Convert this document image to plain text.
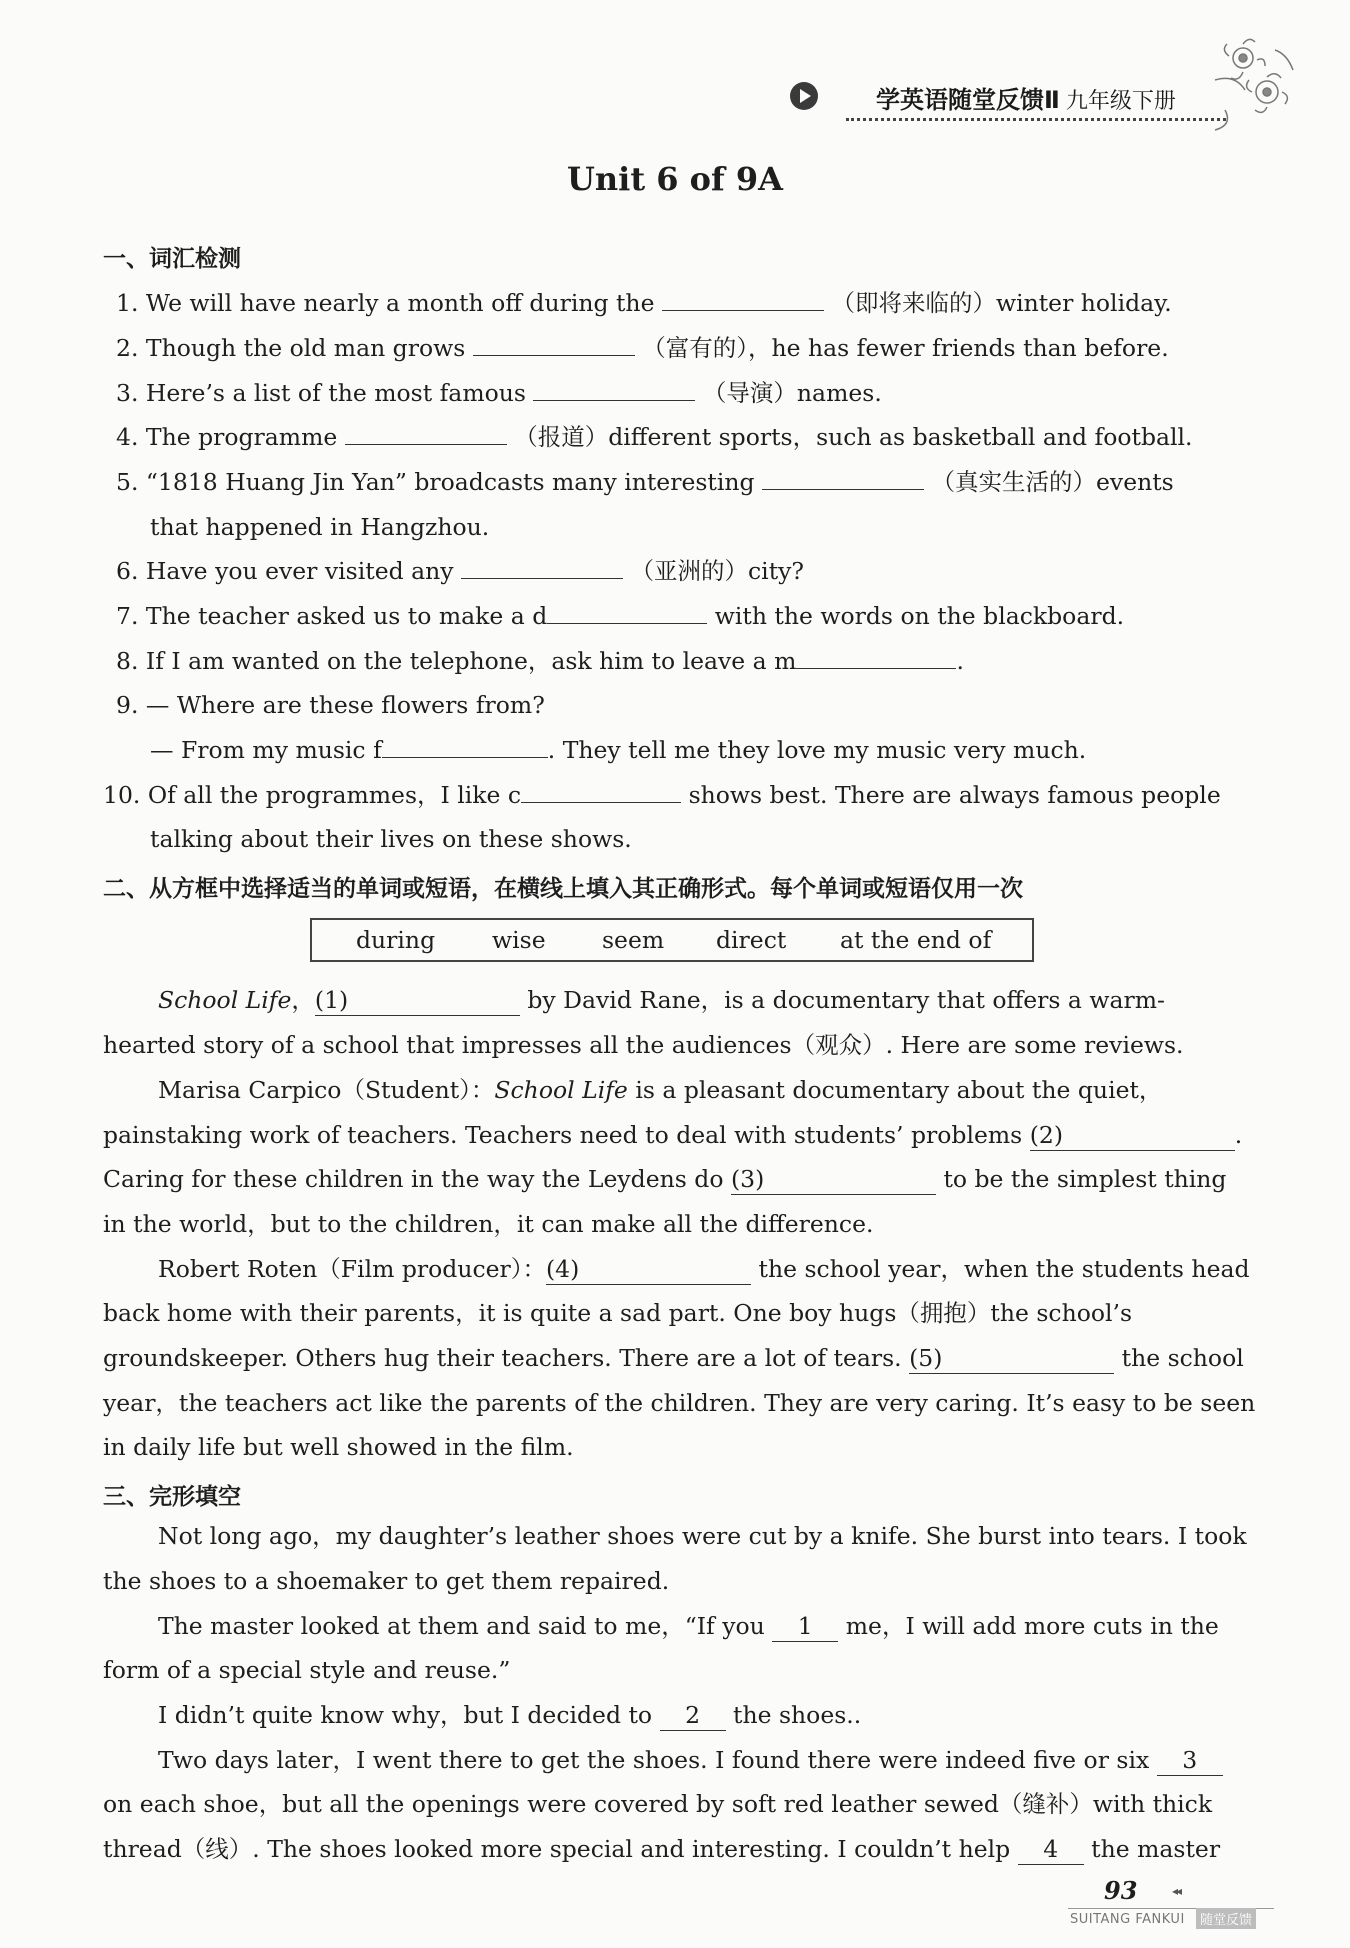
学英语随堂反馈Ⅱ 九年级下册
Unit 6 of 9A
一、词汇检测
1. We will have nearly a month off during the	（即将来临的）winter holiday.
2. Though the old man grows	（富有的），he has fewer friends than before.
3. Here’s a list of the most famous	（导演）names.
4. The programme	（报道）different sports，such as basketball and football.
5. “1818 Huang Jin Yan” broadcasts many interesting	（真实生活的）events
that happened in Hangzhou.
6. Have you ever visited any	（亚洲的）city?
7. The teacher asked us to make a d	with the words on the blackboard.
8. If I am wanted on the telephone，ask him to leave a m	.
9. — Where are these flowers from?
— From my music f	. They tell me they love my music very much.
10. Of all the programmes，I like c	shows best. There are always famous people
talking about their lives on these shows.
二、从方框中选择适当的单词或短语，在横线上填入其正确形式。每个单词或短语仅用一次
during wise seem direct at the end of
School Life，(1)	by David Rane，is a documentary that offers a warm-
hearted story of a school that impresses all the audiences（观众）. Here are some reviews.
Marisa Carpico（Student）：School Life is a pleasant documentary about the quiet，
painstaking work of teachers. Teachers need to deal with students’ problems (2)	.
Caring for these children in the way the Leydens do (3)	to be the simplest thing
in the world，but to the children，it can make all the difference.
Robert Roten（Film producer）：(4)	the school year，when the students head
back home with their parents，it is quite a sad part. One boy hugs（拥抱）the school’s
groundskeeper. Others hug their teachers. There are a lot of tears. (5)	the school
year，the teachers act like the parents of the children. They are very caring. It’s easy to be seen
in daily life but well showed in the film.
三、完形填空
Not long ago，my daughter’s leather shoes were cut by a knife. She burst into tears. I took
the shoes to a shoemaker to get them repaired.
The master looked at them and said to me，“If you 1 me，I will add more cuts in the
form of a special style and reuse.”
I didn’t quite know why，but I decided to 2 the shoes..
Two days later，I went there to get the shoes. I found there were indeed five or six 3
on each shoe，but all the openings were covered by soft red leather sewed（缝补）with thick
thread（线）. The shoes looked more special and interesting. I couldn’t help 4 the master
93	◂◂
SUITANG FANKUI	随堂反馈
